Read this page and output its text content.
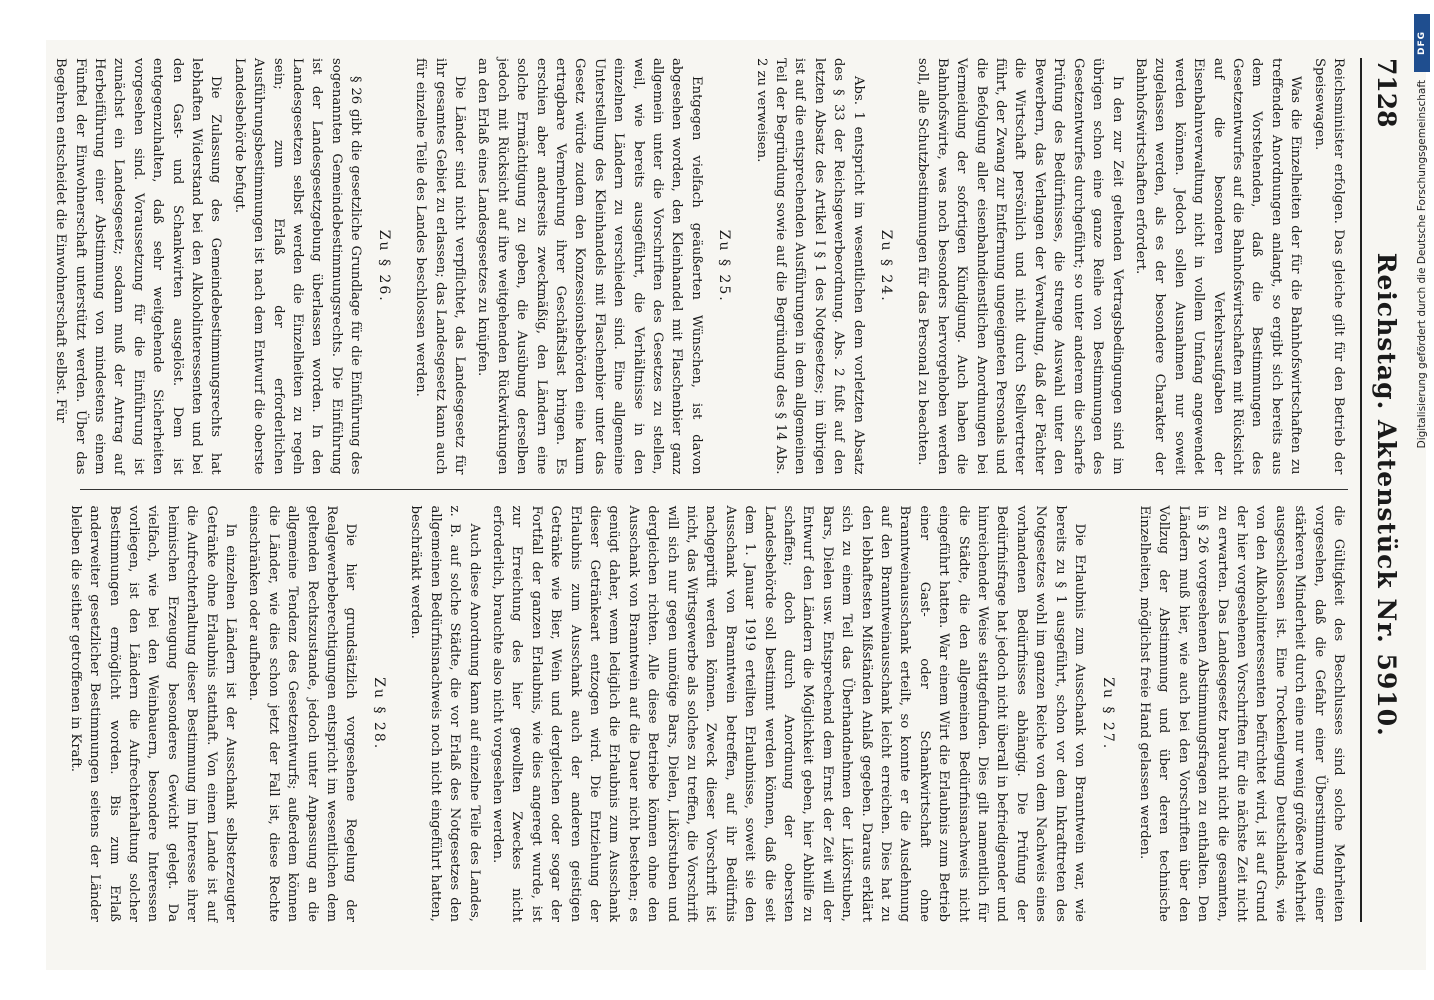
7128
Reichstag. Aktenstück Nr. 5910.

Reichsminister erfolgen. Das gleiche gilt für den Betrieb der Speisewagen.

Was die Einzelheiten der für die Bahnhofswirtschaften zu treffenden Anordnungen anlangt, so ergibt sich bereits aus dem Vorstehenden, daß die Bestimmungen des Gesetzentwurfes auf die Bahnhofswirtschaften mit Rücksicht auf die besonderen Verkehrsaufgaben der Eisenbahnverwaltung nicht in vollem Umfang angewendet werden können. Jedoch sollen Ausnahmen nur soweit zugelassen werden, als es der besondere Charakter der Bahnhofswirtschaften erfordert.

In den zur Zeit geltenden Vertragsbedingungen sind im übrigen schon eine ganze Reihe von Bestimmungen des Gesetzentwurfes durchgeführt; so unter anderem die scharfe Prüfung des Bedürfnisses, die strenge Auswahl unter den Bewerbern, das Verlangen der Verwaltung, daß der Pächter die Wirtschaft persönlich und nicht durch Stellvertreter führt, der Zwang zur Entfernung ungeeigneten Personals und die Befolgung aller eisenbahndienstlichen Anordnungen bei Vermeidung der sofortigen Kündigung. Auch haben die Bahnhofswirte, was noch besonders hervorgehoben werden soll, alle Schutzbestimmungen für das Personal zu beachten.

Zu § 24.

Abs. 1 entspricht im wesentlichen dem vorletzten Absatz des § 33 der Reichsgewerbeordnung. Abs. 2 fußt auf den letzten Absatz des Artikel I § 1 des Notgesetzes; im übrigen ist auf die entsprechenden Ausführungen in dem allgemeinen Teil der Begründung sowie auf die Begründung des § 14 Abs. 2 zu verweisen.

Zu § 25.

Entgegen vielfach geäußerten Wünschen, ist davon abgesehen worden, den Kleinhandel mit Flaschenbier ganz allgemein unter die Vorschriften des Gesetzes zu stellen, weil, wie bereits ausgeführt, die Verhältnisse in den einzelnen Ländern zu verschieden sind. Eine allgemeine Unterstellung des Kleinhandels mit Flaschenbier unter das Gesetz würde zudem den Konzessionsbehörden eine kaum ertragbare Vermehrung ihrer Geschäftslast bringen. Es erschien aber anderseits zweckmäßig, den Ländern eine solche Ermächtigung zu geben, die Ausübung derselben jedoch mit Rücksicht auf ihre weitgehenden Rückwirkungen an den Erlaß eines Landesgesetzes zu knüpfen.

Die Länder sind nicht verpflichtet, das Landesgesetz für ihr gesamtes Gebiet zu erlassen; das Landesgesetz kann auch für einzelne Teile des Landes beschlossen werden.

Zu § 26.

§ 26 gibt die gesetzliche Grundlage für die Einführung des sogenannten Gemeindebestimmungsrechts. Die Einführung ist der Landesgesetzgebung überlassen worden. In den Landesgesetzen selbst werden die Einzelheiten zu regeln sein; zum Erlaß der erforderlichen Ausführungsbestimmungen ist nach dem Entwurf die oberste Landesbehörde befugt.

Die Zulassung des Gemeindebestimmungsrechts hat lebhaften Widerstand bei den Alkoholinteressenten und bei den Gast- und Schankwirten ausgelöst. Dem ist entgegenzuhalten, daß sehr weitgehende Sicherheiten vorgesehen sind. Voraussetzung für die Einführung ist zunächst ein Landesgesetz; sodann muß der Antrag auf Herbeiführung einer Abstimmung von mindestens einem Fünftel der Einwohnerschaft unterstützt werden. Über das Begehren entscheidet die Einwohnerschaft selbst. Für

die Gültigkeit des Beschlusses sind solche Mehrheiten vorgesehen, daß die Gefahr einer Überstimmung einer stärkeren Minderheit durch eine nur wenig größere Mehrheit ausgeschlossen ist. Eine Trockenlegung Deutschlands, wie von den Alkoholinteressenten befürchtet wird, ist auf Grund der hier vorgesehenen Vorschriften für die nächste Zeit nicht zu erwarten. Das Landesgesetz braucht nicht die gesamten, in § 26 vorgesehenen Abstimmungsfragen zu enthalten. Den Ländern muß hier, wie auch bei den Vorschriften über den Vollzug der Abstimmung und über deren technische Einzelheiten, möglichst freie Hand gelassen werden.

Zu § 27.

Die Erlaubnis zum Ausschank von Branntwein war, wie bereits zu § 1 ausgeführt, schon vor dem Inkrafttreten des Notgesetzes wohl im ganzen Reiche von dem Nachweis eines vorhandenen Bedürfnisses abhängig. Die Prüfung der Bedürfnisfrage hat jedoch nicht überall in befriedigender und hinreichender Weise stattgefunden. Dies gilt namentlich für die Städte, die den allgemeinen Bedürfnisnachweis nicht eingeführt hatten. War einem Wirt die Erlaubnis zum Betrieb einer Gast- oder Schankwirtschaft ohne Branntweinausschank erteilt, so konnte er die Ausdehnung auf den Branntweinausschank leicht erreichen. Dies hat zu den lebhaftesten Mißständen Anlaß gegeben. Daraus erklärt sich zu einem Teil das Überhandnehmen der Likörstuben, Bars, Dielen usw. Entsprechend dem Ernst der Zeit will der Entwurf den Ländern die Möglichkeit geben, hier Abhilfe zu schaffen; doch durch Anordnung der obersten Landesbehörde soll bestimmt werden können, daß die seit dem 1. Januar 1919 erteilten Erlaubnisse, soweit sie den Ausschank von Branntwein betreffen, auf ihr Bedürfnis nachgeprüft werden können. Zweck dieser Vorschrift ist nicht, das Wirtsgewerbe als solches zu treffen, die Vorschrift will sich nur gegen unnötige Bars, Dielen, Likörstuben und dergleichen richten. Alle diese Betriebe können ohne den Ausschank von Branntwein auf die Dauer nicht bestehen; es genügt daher, wenn lediglich die Erlaubnis zum Ausschank dieser Getränkeart entzogen wird. Die Entziehung der Erlaubnis zum Ausschank auch der anderen geistigen Getränke wie Bier, Wein und dergleichen oder sogar der Fortfall der ganzen Erlaubnis, wie dies angeregt wurde, ist zur Erreichung des hier gewollten Zweckes nicht erforderlich, brauchte also nicht vorgesehen werden.

Auch diese Anordnung kann auf einzelne Teile des Landes, z. B. auf solche Städte, die vor Erlaß des Notgesetzes den allgemeinen Bedürfnisnachweis noch nicht eingeführt hatten, beschränkt werden.

Zu § 28.

Die hier grundsätzlich vorgesehene Regelung der Realgewerbeberechtigungen entspricht im wesentlichen dem geltenden Rechtszustande, jedoch unter Anpassung an die allgemeine Tendenz des Gesetzentwurfs; außerdem können die Länder, wie dies schon jetzt der Fall ist, diese Rechte einschränken oder aufheben.

In einzelnen Ländern ist der Ausschank selbsterzeugter Getränke ohne Erlaubnis statthaft. Von einem Lande ist auf die Aufrechterhaltung dieser Bestimmung im Interesse ihrer heimischen Erzeugung besonderes Gewicht gelegt. Da vielfach, wie bei den Weinbauern, besondere Interessen vorliegen, ist den Ländern die Aufrechterhaltung solcher Bestimmungen ermöglicht worden. Bis zum Erlaß anderweiter gesetzlicher Bestimmungen seitens der Länder bleiben die seither getroffenen in Kraft.

DFG
Digitalisierung gefördert durch die Deutsche Forschungsgemeinschaft
